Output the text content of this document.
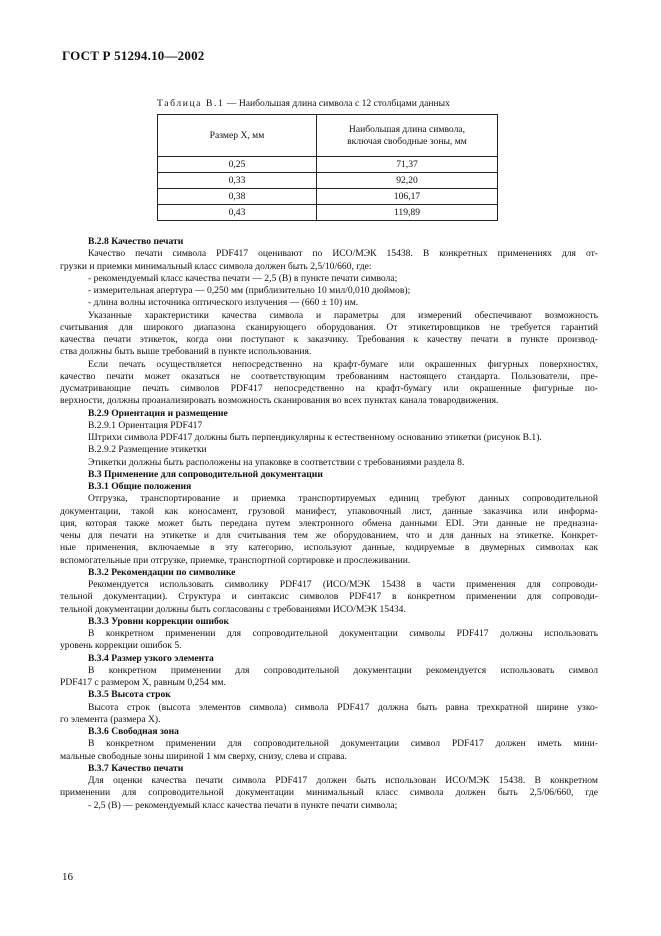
ГОСТ Р 51294.10—2002
Таблица В.1 — Наибольшая длина символа с 12 столбцами данных
Размер X, мм	Наибольшая длина символа,
включая свободные зоны, мм
0,25	71,37
0,33	92,20
0,38	106,17
0,43	119,89

В.2.8 Качество печати

Качество печати символа PDF417 оценивают по ИСО/МЭК 15438. В конкретных применениях для от-

грузки и приемки минимальный класс символа должен быть 2,5/10/660, где:

- рекомендуемый класс качества печати — 2,5 (В) в пункте печати символа;

- измерительная апертура — 0,250 мм (приблизительно 10 мил/0,010 дюймов);

- длина волны источника оптического излучения — (660 ± 10) им.

Указанные характеристики качества символа и параметры для измерений обеспечивают возможность

считывания для широкого диапазона сканирующего оборудования. От этикетировщиков не требуется гарантий

качества печати этикеток, когда они поступают к заказчику. Требования к качеству печати в пункте производ-

ства должны быть выше требований в пункте использования.

Если печать осуществляется непосредственно на крафт-бумаге или окрашенных фигурных поверхностях,

качество печати может оказаться не соответствующим требованиям настоящего стандарта. Пользователи, пре-

дусматривающие печать символов PDF417 непосредственно на крафт-бумагу или окрашенные фигурные по-

верхности, должны проанализировать возможность сканирования во всех пунктах канала товародвижения.

В.2.9 Ориентация и размещение

В.2.9.1 Ориентация PDF417

Штрихи символа PDF417 должны быть перпендикулярны к естественному основанию этикетки (рисунок В.1).

В.2.9.2 Размещение этикетки

Этикетки должны быть расположены на упаковке в соответствии с требованиями раздела 8.

В.3 Применение для сопроводительной документации

В.3.1 Общие положения

Отгрузка, транспортирование и приемка транспортируемых единиц требуют данных сопроводительной

документации, такой как коносамент, грузовой манифест, упаковочный лист, данные заказчика или информа-

ция, которая также может быть передана путем электронного обмена данными EDI. Эти данные не предназна-

чены для печати на этикетке и для считывания тем же оборудованием, что и для данных на этикетке. Конкрет-

ные применения, включаемые в эту категорию, используют данные, кодируемые в двумерных символах как

вспомогательные при отгрузке, приемке, транспортной сортировке и прослеживании.

В.3.2 Рекомендации по символике

Рекомендуется использовать символику PDF417 (ИСО/МЭК 15438 в части применения для сопроводи-

тельной документации). Структура и синтаксис символов PDF417 в конкретном применении для сопроводи-

тельной документации должны быть согласованы с требованиями ИСО/МЭК 15434.

В.3.3 Уровни коррекции ошибок

В конкретном применении для сопроводительной документации символы PDF417 должны использовать

уровень коррекции ошибок 5.

В.3.4 Размер узкого элемента

В конкретном применении для сопроводительной документации рекомендуется использовать символ

PDF417 с размером X, равным 0,254 мм.

В.3.5 Высота строк

Высота строк (высота элементов символа) символа PDF417 должна быть равна трехкратной ширине узко-

го элемента (размера X).

В.3.6 Свободная зона

В конкретном применении для сопроводительной документации символ PDF417 должен иметь мини-

мальные свободные зоны шириной 1 мм сверху, снизу, слева и справа.

В.3.7 Качество печати

Для оценки качества печати символа PDF417 должен быть использован ИСО/МЭК 15438. В конкретном

применении для сопроводительной документации минимальный класс символа должен быть 2,5/06/660, где

- 2,5 (В) — рекомендуемый класс качества печати в пункте печати символа;

16
